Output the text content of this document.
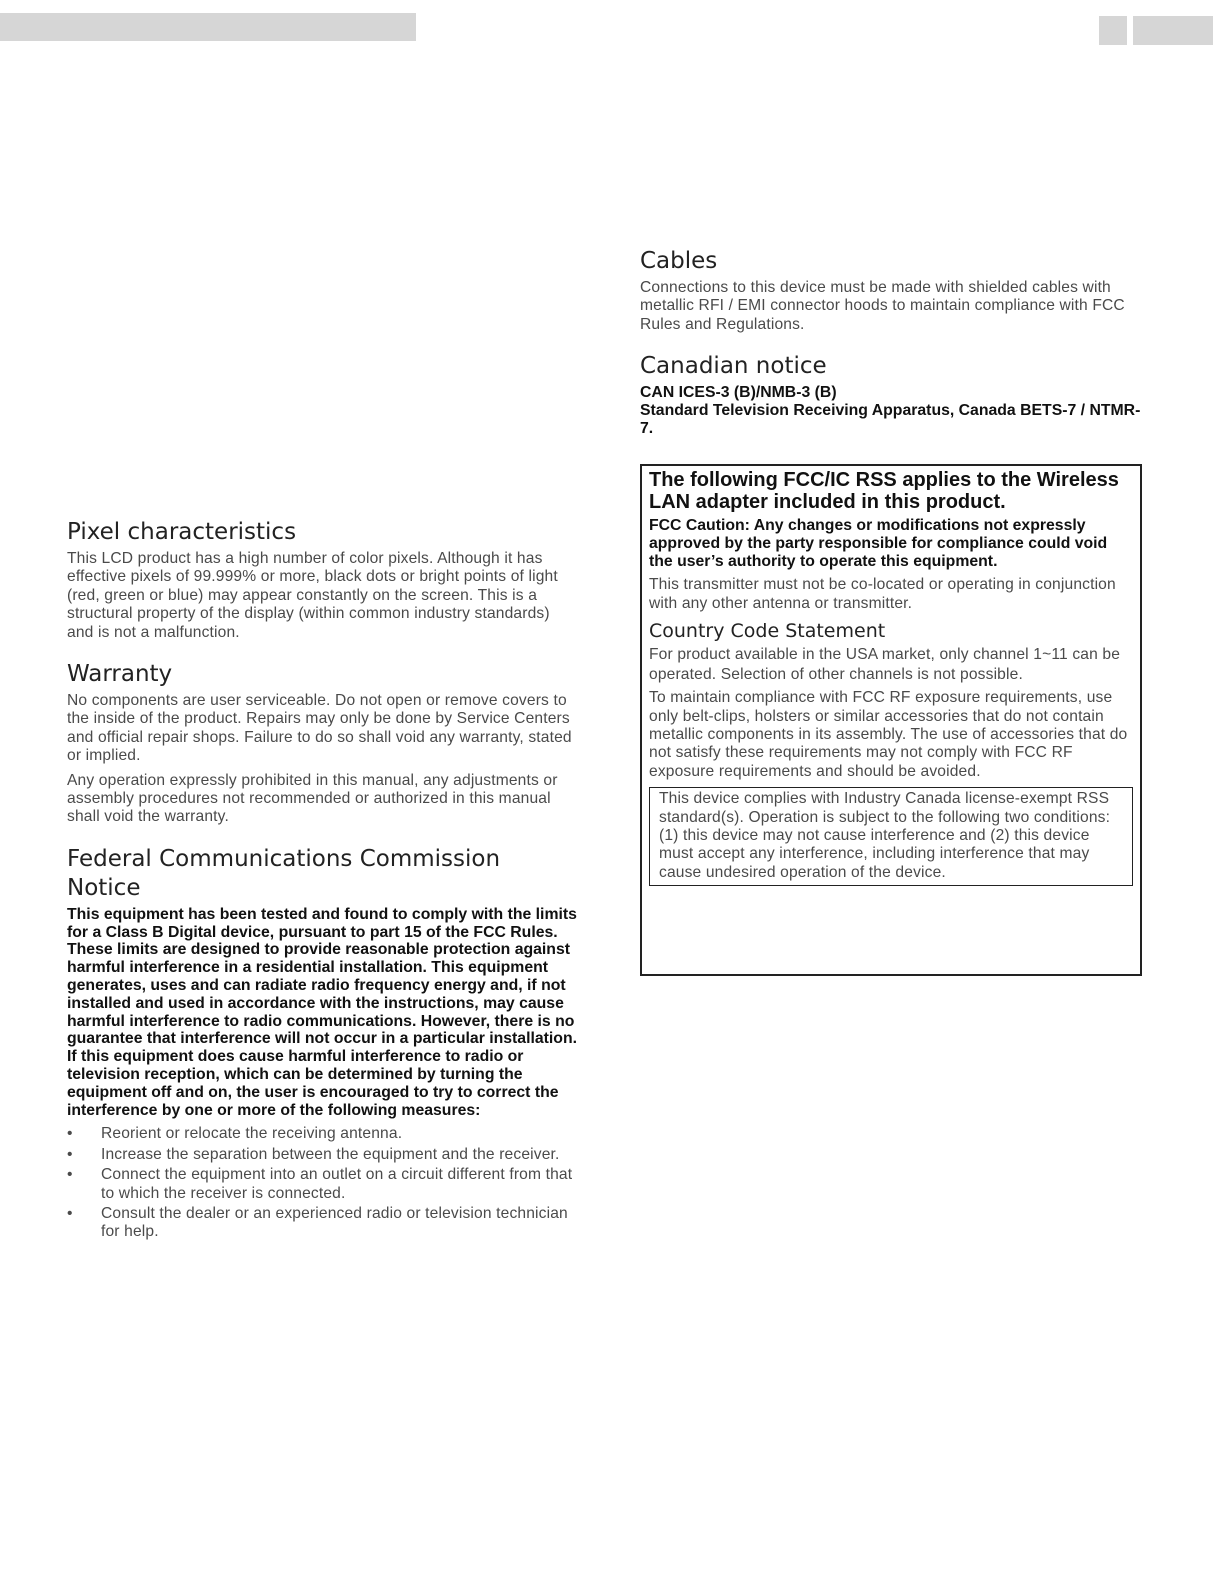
Pixel characteristics

This LCD product has a high number of color pixels. Although it has effective pixels of 99.999% or more, black dots or bright points of light (red, green or blue) may appear constantly on the screen. This is a structural property of the display (within common industry standards) and is not a malfunction.

Warranty

No components are user serviceable. Do not open or remove covers to the inside of the product. Repairs may only be done by Service Centers and official repair shops. Failure to do so shall void any warranty, stated or implied.

Any operation expressly prohibited in this manual, any adjustments or assembly procedures not recommended or authorized in this manual shall void the warranty.

Federal Communications Commission Notice

This equipment has been tested and found to comply with the limits for a Class B Digital device, pursuant to part 15 of the FCC Rules. These limits are designed to provide reasonable protection against harmful interference in a residential installation. This equipment generates, uses and can radiate radio frequency energy and, if not installed and used in accordance with the instructions, may cause harmful interference to radio communications. However, there is no guarantee that interference will not occur in a particular installation. If this equipment does cause harmful interference to radio or television reception, which can be determined by turning the equipment off and on, the user is encouraged to try to correct the interference by one or more of the following measures:

• Reorient or relocate the receiving antenna.
• Increase the separation between the equipment and the receiver.
• Connect the equipment into an outlet on a circuit different from that to which the receiver is connected.
• Consult the dealer or an experienced radio or television technician for help.
Cables

Connections to this device must be made with shielded cables with metallic RFI / EMI connector hoods to maintain compliance with FCC Rules and Regulations.

Canadian notice

CAN ICES-3 (B)/NMB-3 (B)

Standard Television Receiving Apparatus, Canada BETS-7 / NTMR-7.

The following FCC/IC RSS applies to the Wireless LAN adapter included in this product.

FCC Caution: Any changes or modifications not expressly approved by the party responsible for compliance could void the user’s authority to operate this equipment.

This transmitter must not be co-located or operating in conjunction with any other antenna or transmitter.

Country Code Statement

For product available in the USA market, only channel 1~11 can be operated. Selection of other channels is not possible.

To maintain compliance with FCC RF exposure requirements, use only belt-clips, holsters or similar accessories that do not contain metallic components in its assembly. The use of accessories that do not satisfy these requirements may not comply with FCC RF exposure requirements and should be avoided.

This device complies with Industry Canada license-exempt RSS standard(s). Operation is subject to the following two conditions: (1) this device may not cause interference and (2) this device must accept any interference, including interference that may cause undesired operation of the device.
